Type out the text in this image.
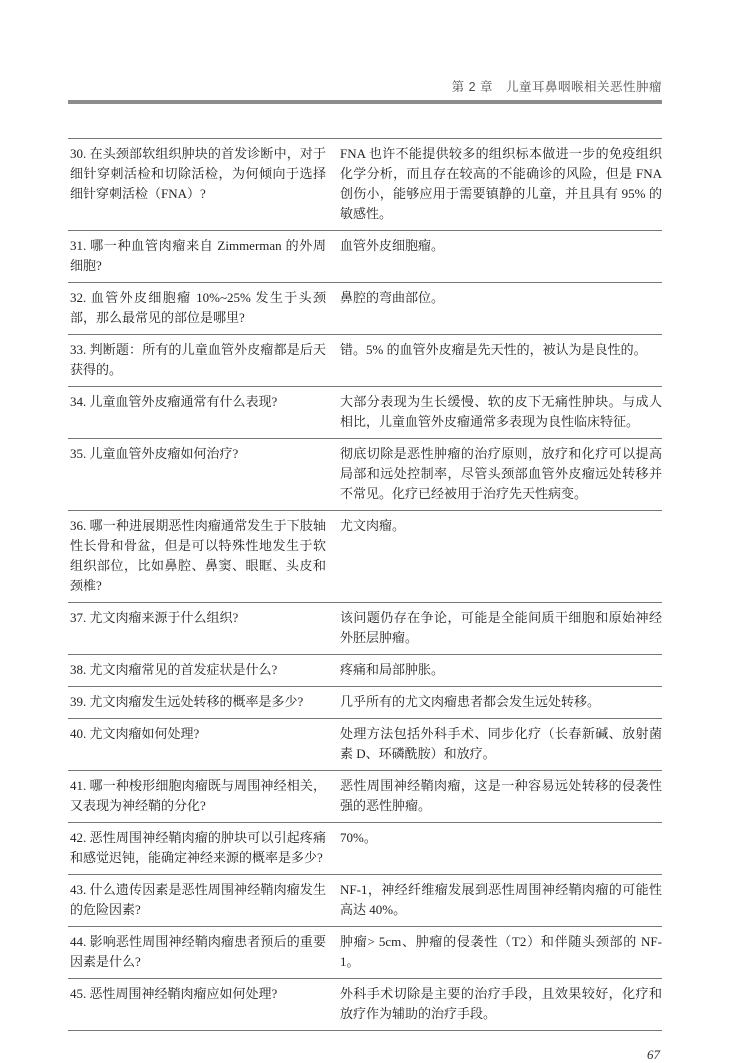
第 2 章　儿童耳鼻咽喉相关恶性肿瘤
30. 在头颈部软组织肿块的首发诊断中，对于细针穿刺活检和切除活检，为何倾向于选择细针穿刺活检（FNA）?
FNA 也许不能提供较多的组织标本做进一步的免疫组织化学分析，而且存在较高的不能确诊的风险，但是 FNA 创伤小，能够应用于需要镇静的儿童，并且具有 95% 的敏感性。
31. 哪一种血管肉瘤来自 Zimmerman 的外周细胞?
血管外皮细胞瘤。
32. 血管外皮细胞瘤 10%~25% 发生于头颈部，那么最常见的部位是哪里?
鼻腔的弯曲部位。
33. 判断题：所有的儿童血管外皮瘤都是后天获得的。
错。5% 的血管外皮瘤是先天性的，被认为是良性的。
34. 儿童血管外皮瘤通常有什么表现?	大部分表现为生长缓慢、软的皮下无痛性肿块。与成人相比，儿童血管外皮瘤通常多表现为良性临床特征。
35. 儿童血管外皮瘤如何治疗?	彻底切除是恶性肿瘤的治疗原则，放疗和化疗可以提高局部和远处控制率，尽管头颈部血管外皮瘤远处转移并不常见。化疗已经被用于治疗先天性病变。
36. 哪一种进展期恶性肉瘤通常发生于下肢轴性长骨和骨盆，但是可以特殊性地发生于软组织部位，比如鼻腔、鼻窦、眼眶、头皮和颈椎?
尤文肉瘤。
37. 尤文肉瘤来源于什么组织?	该问题仍存在争论，可能是全能间质干细胞和原始神经外胚层肿瘤。
38. 尤文肉瘤常见的首发症状是什么?	疼痛和局部肿胀。
39. 尤文肉瘤发生远处转移的概率是多少?	几乎所有的尤文肉瘤患者都会发生远处转移。
40. 尤文肉瘤如何处理?	处理方法包括外科手术、同步化疗（长春新碱、放射菌素 D、环磷酰胺）和放疗。
41. 哪一种梭形细胞肉瘤既与周围神经相关，又表现为神经鞘的分化?
恶性周围神经鞘肉瘤，这是一种容易远处转移的侵袭性强的恶性肿瘤。
42. 恶性周围神经鞘肉瘤的肿块可以引起疼痛和感觉迟钝，能确定神经来源的概率是多少?
70%。
43. 什么遗传因素是恶性周围神经鞘肉瘤发生的危险因素?
NF-1，神经纤维瘤发展到恶性周围神经鞘肉瘤的可能性高达 40%。
44. 影响恶性周围神经鞘肉瘤患者预后的重要因素是什么?
肿瘤> 5cm、肿瘤的侵袭性（T2）和伴随头颈部的 NF-1。
45. 恶性周围神经鞘肉瘤应如何处理?	外科手术切除是主要的治疗手段，且效果较好，化疗和放疗作为辅助的治疗手段。
67
